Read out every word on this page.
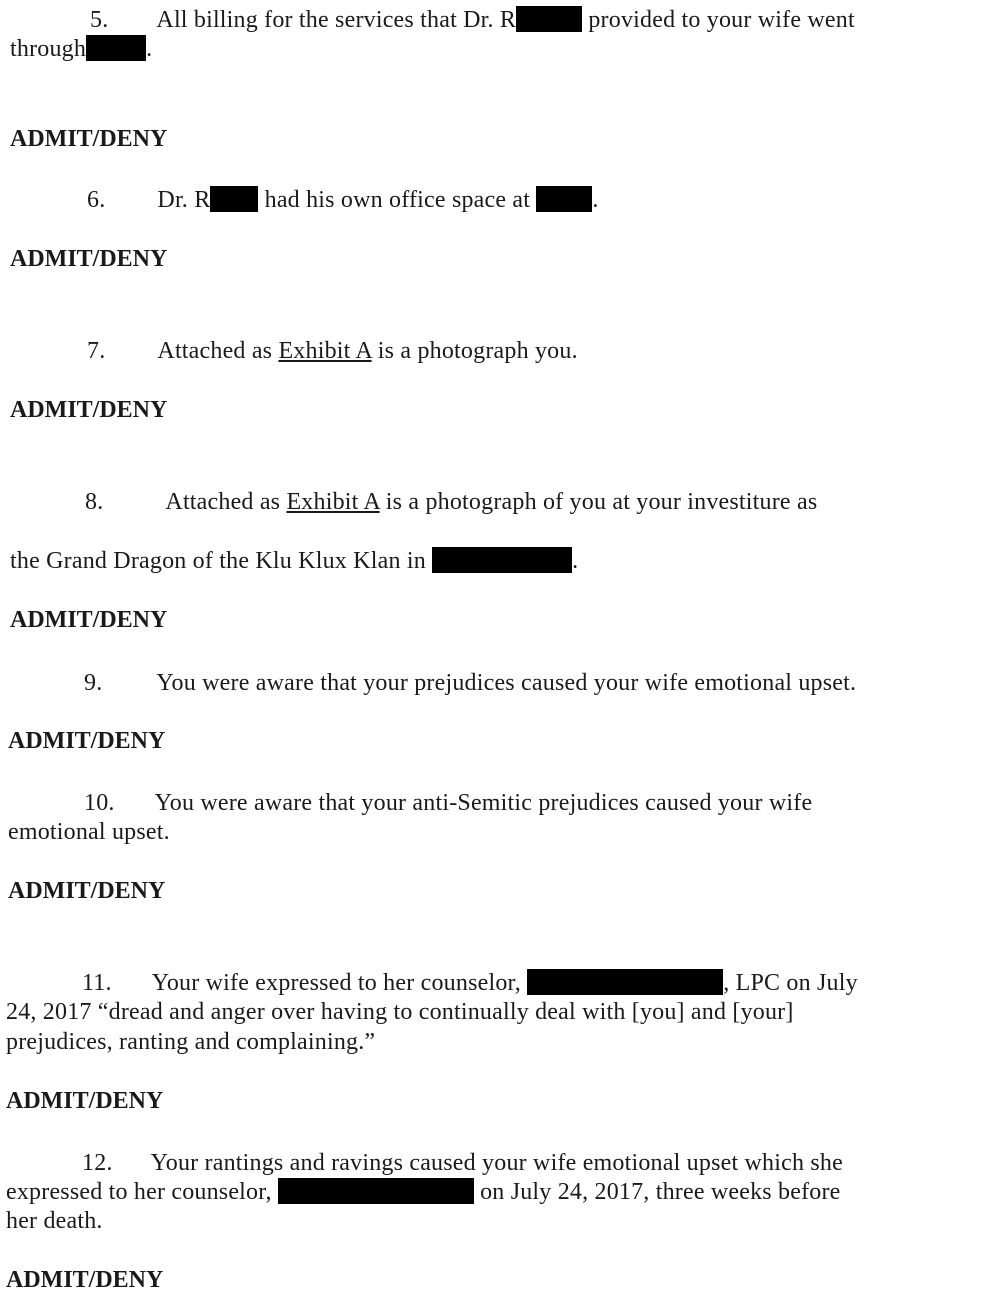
5. All billing for the services that Dr. R	provided to your wife went
through	.
ADMIT/DENY
6. Dr. R had his own office space at	.
ADMIT/DENY
7. Attached as Exhibit A is a photograph you.
ADMIT/DENY
8.	Attached as Exhibit A is a photograph of you at your investiture as
the Grand Dragon of the Klu Klux Klan in	.
ADMIT/DENY
9. You were aware that your prejudices caused your wife emotional upset.
ADMIT/DENY
10. You were aware that your anti-Semitic prejudices caused your wife
emotional upset.
ADMIT/DENY
11. Your wife expressed to her counselor,	, LPC on July
24, 2017 “dread and anger over having to continually deal with [you] and [your]
prejudices, ranting and complaining.”
ADMIT/DENY
12. Your rantings and ravings caused your wife emotional upset which she
expressed to her counselor,	on July 24, 2017, three weeks before
her death.
ADMIT/DENY
